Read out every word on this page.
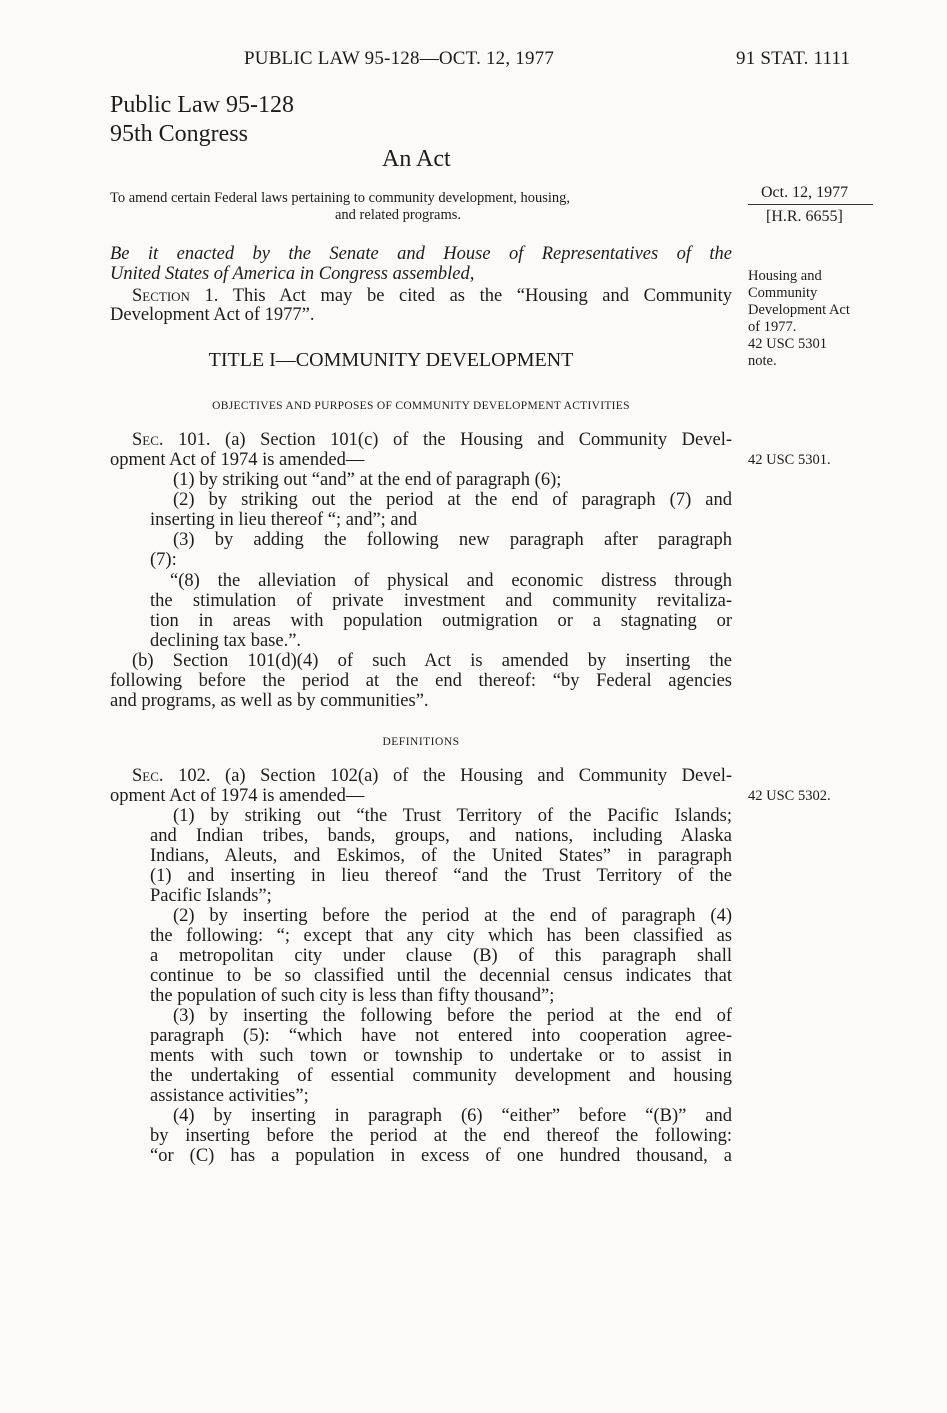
PUBLIC LAW 95-128—OCT. 12, 1977	91 STAT. 1111
Public Law 95-128
95th Congress
An Act
To amend certain Federal laws pertaining to community development, housing,
and related programs.
Oct. 12, 1977
[H.R. 6655]
Housing and
Community
Development Act
of 1977.
42 USC 5301
note.
42 USC 5301.
42 USC 5302.
Be it enacted by the Senate and House of Representatives of the
United States of America in Congress assembled,
Section 1. This Act may be cited as the “Housing and Community
Development Act of 1977”.
TITLE I—COMMUNITY DEVELOPMENT
OBJECTIVES AND PURPOSES OF COMMUNITY DEVELOPMENT ACTIVITIES
Sec. 101. (a) Section 101(c) of the Housing and Community Devel-
opment Act of 1974 is amended—
(1) by striking out “and” at the end of paragraph (6);
(2) by striking out the period at the end of paragraph (7) and
inserting in lieu thereof “; and”; and
(3) by adding the following new paragraph after paragraph
(7):
“(8) the alleviation of physical and economic distress through
the stimulation of private investment and community revitaliza-
tion in areas with population outmigration or a stagnating or
declining tax base.”.
(b) Section 101(d)(4) of such Act is amended by inserting the
following before the period at the end thereof: “by Federal agencies
and programs, as well as by communities”.
DEFINITIONS
Sec. 102. (a) Section 102(a) of the Housing and Community Devel-
opment Act of 1974 is amended—
(1) by striking out “the Trust Territory of the Pacific Islands;
and Indian tribes, bands, groups, and nations, including Alaska
Indians, Aleuts, and Eskimos, of the United States” in paragraph
(1) and inserting in lieu thereof “and the Trust Territory of the
Pacific Islands”;
(2) by inserting before the period at the end of paragraph (4)
the following: “; except that any city which has been classified as
a metropolitan city under clause (B) of this paragraph shall
continue to be so classified until the decennial census indicates that
the population of such city is less than fifty thousand”;
(3) by inserting the following before the period at the end of
paragraph (5): “which have not entered into cooperation agree-
ments with such town or township to undertake or to assist in
the undertaking of essential community development and housing
assistance activities”;
(4) by inserting in paragraph (6) “either” before “(B)” and
by inserting before the period at the end thereof the following:
“or (C) has a population in excess of one hundred thousand, a
